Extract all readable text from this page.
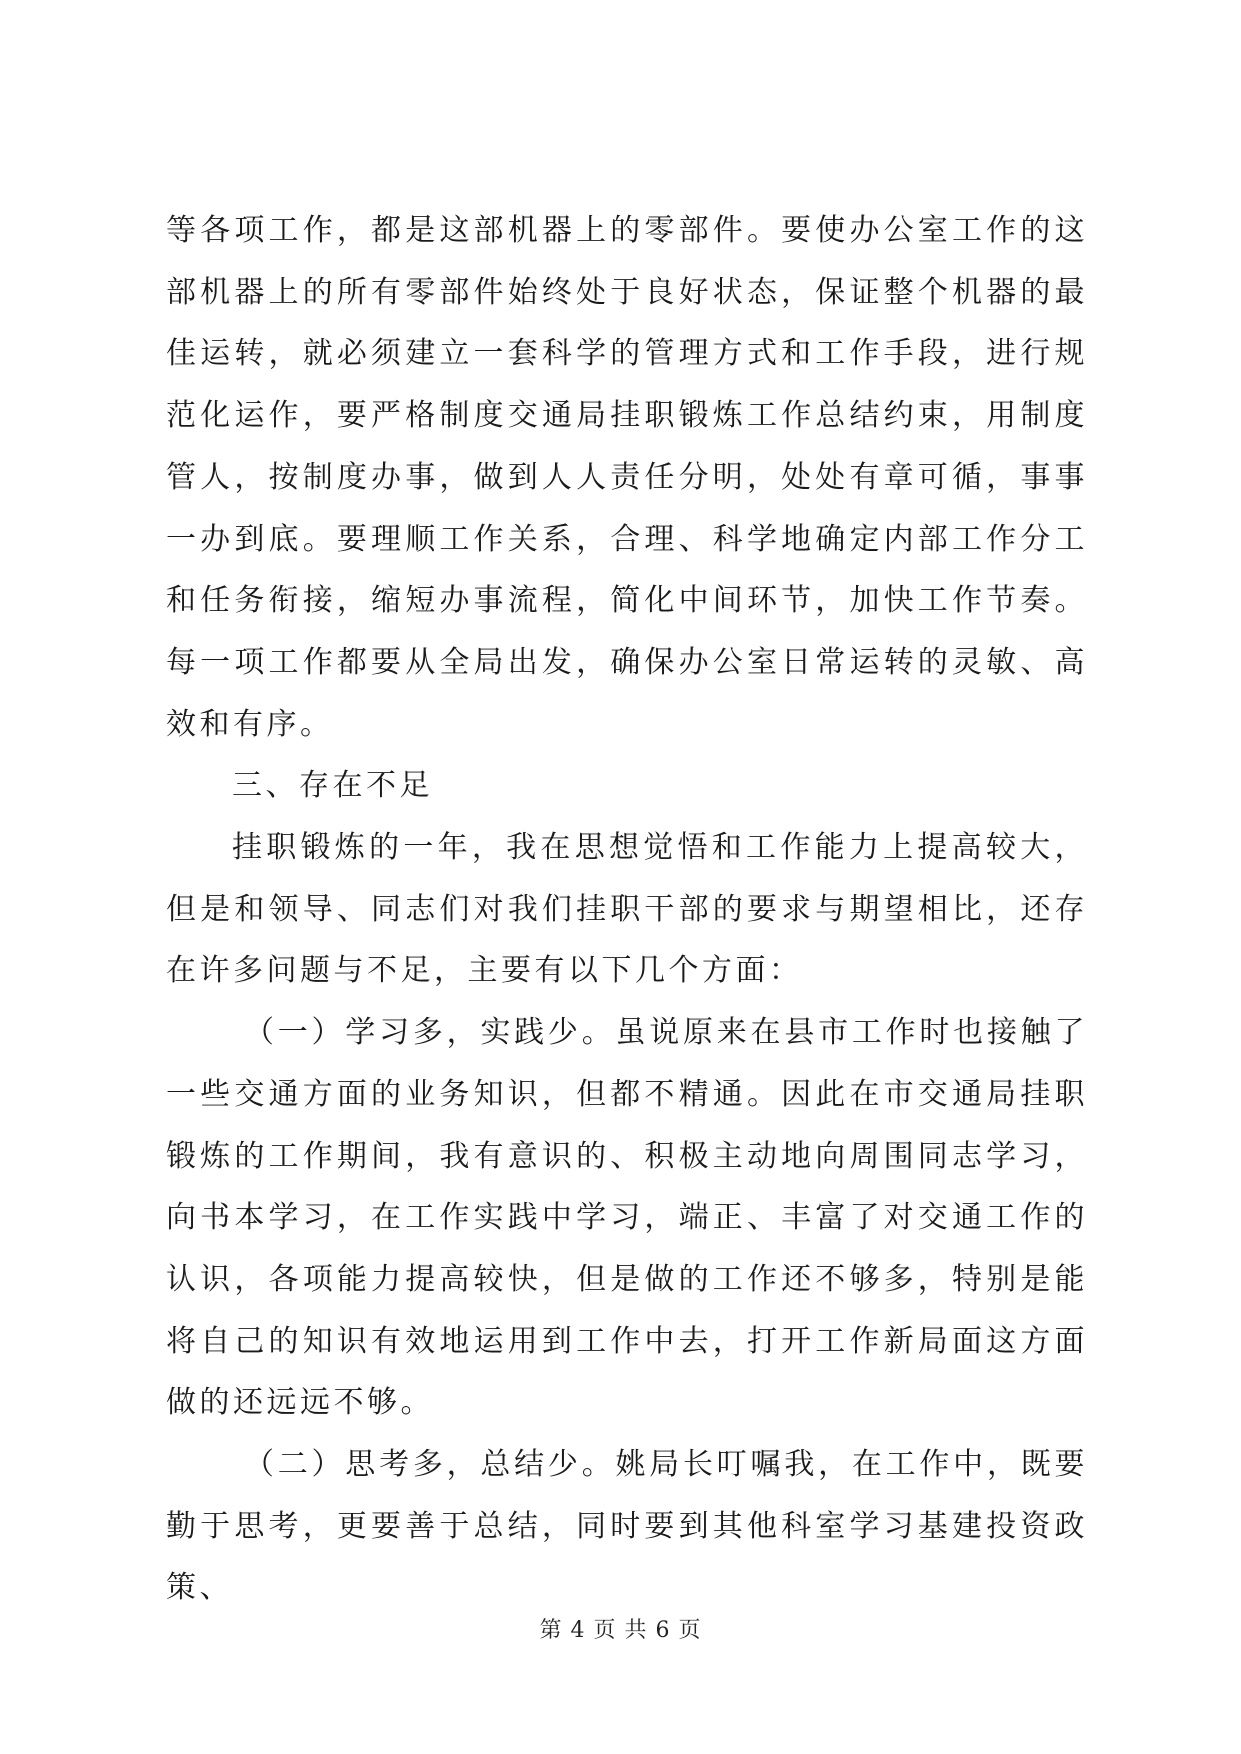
等各项工作，都是这部机器上的零部件。要使办公室工作的这部机器上的所有零部件始终处于良好状态，保证整个机器的最佳运转，就必须建立一套科学的管理方式和工作手段，进行规范化运作，要严格制度交通局挂职锻炼工作总结约束，用制度管人，按制度办事，做到人人责任分明，处处有章可循，事事一办到底。要理顺工作关系，合理、科学地确定内部工作分工和任务衔接，缩短办事流程，简化中间环节，加快工作节奏。每一项工作都要从全局出发，确保办公室日常运转的灵敏、高效和有序。

三、存在不足

挂职锻炼的一年，我在思想觉悟和工作能力上提高较大，但是和领导、同志们对我们挂职干部的要求与期望相比，还存在许多问题与不足，主要有以下几个方面：

（一）学习多，实践少。虽说原来在县市工作时也接触了一些交通方面的业务知识，但都不精通。因此在市交通局挂职锻炼的工作期间，我有意识的、积极主动地向周围同志学习，向书本学习，在工作实践中学习，端正、丰富了对交通工作的认识，各项能力提高较快，但是做的工作还不够多，特别是能将自己的知识有效地运用到工作中去，打开工作新局面这方面做的还远远不够。

（二）思考多，总结少。姚局长叮嘱我，在工作中，既要勤于思考，更要善于总结，同时要到其他科室学习基建投资政策、

第 4 页 共 6 页
